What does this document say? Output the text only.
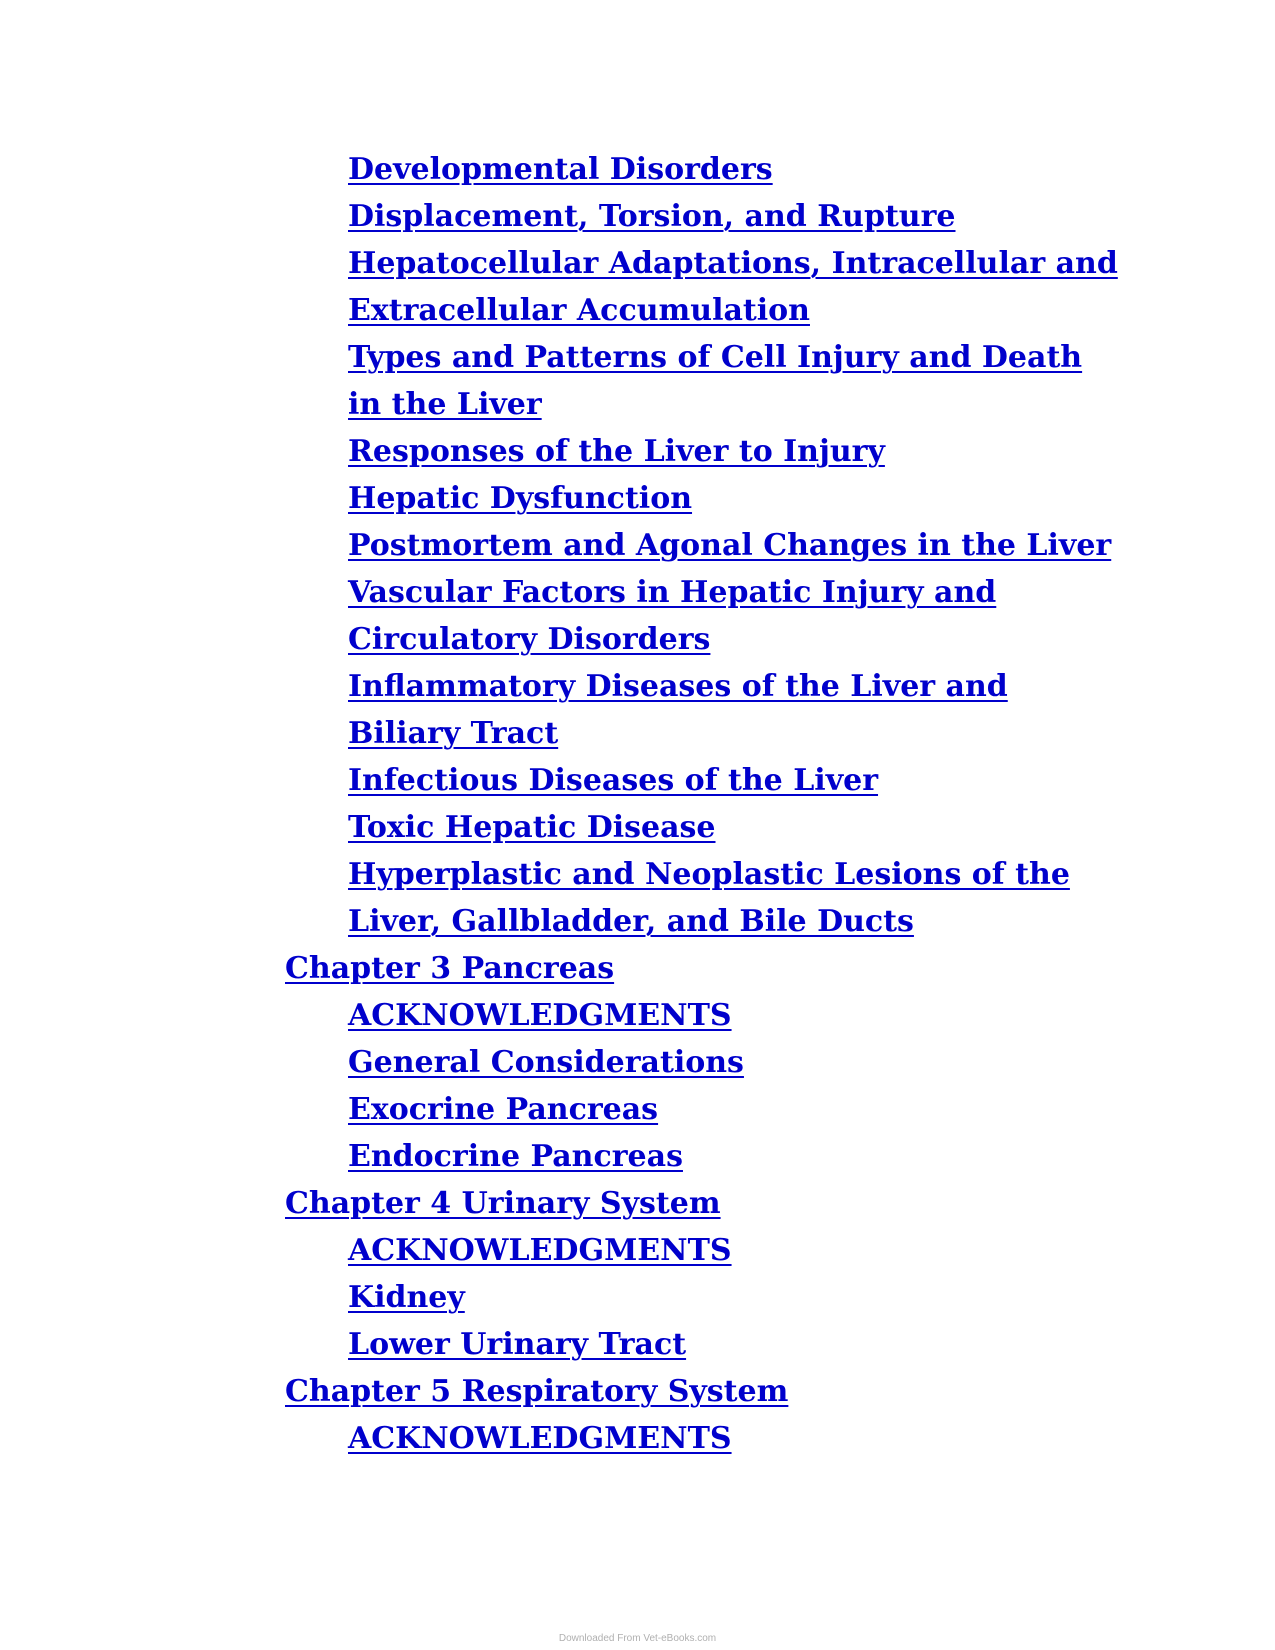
Developmental Disorders
Displacement, Torsion, and Rupture
Hepatocellular Adaptations, Intracellular and Extracellular Accumulation
Types and Patterns of Cell Injury and Death in the Liver
Responses of the Liver to Injury
Hepatic Dysfunction
Postmortem and Agonal Changes in the Liver
Vascular Factors in Hepatic Injury and Circulatory Disorders
Inflammatory Diseases of the Liver and Biliary Tract
Infectious Diseases of the Liver
Toxic Hepatic Disease
Hyperplastic and Neoplastic Lesions of the Liver, Gallbladder, and Bile Ducts
Chapter 3 Pancreas
ACKNOWLEDGMENTS
General Considerations
Exocrine Pancreas
Endocrine Pancreas
Chapter 4 Urinary System
ACKNOWLEDGMENTS
Kidney
Lower Urinary Tract
Chapter 5 Respiratory System
ACKNOWLEDGMENTS
Downloaded From Vet-eBooks.com
